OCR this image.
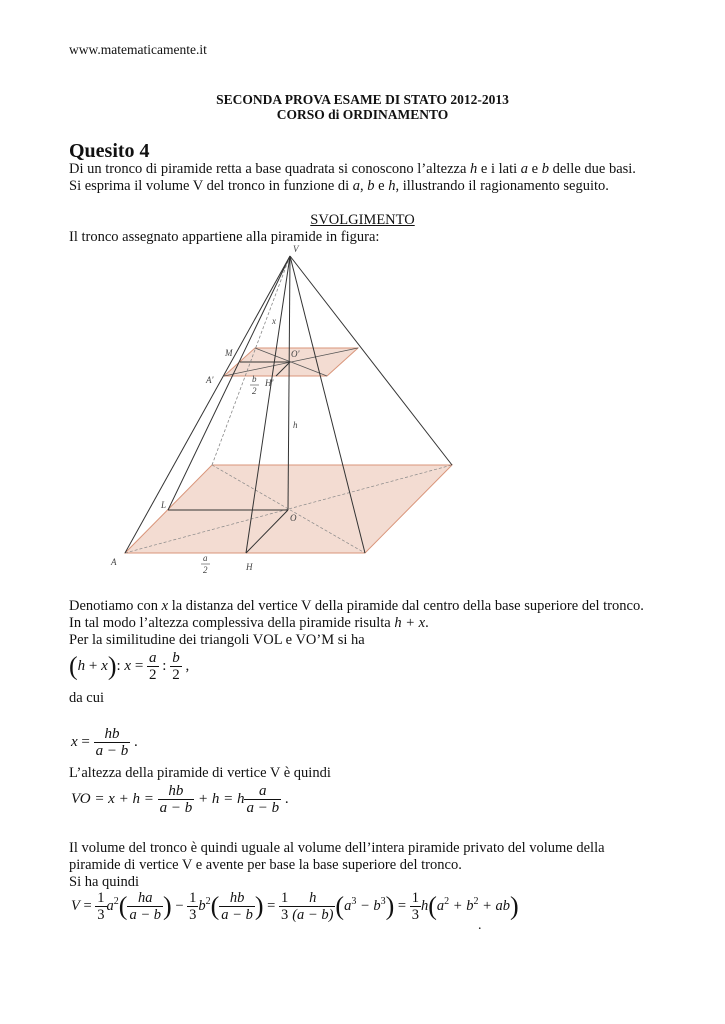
www.matematicamente.it
SECONDA PROVA ESAME DI STATO 2012-2013
CORSO di ORDINAMENTO
Quesito 4
Di un tronco di piramide retta a base quadrata si conoscono l’altezza h e i lati a e b delle due basi.
Si esprima il volume V del tronco in funzione di a, b e h, illustrando il ragionamento seguito.
SVOLGIMENTO
Il tronco assegnato appartiene alla piramide in figura:
V
x
M	O'
A'	b
2
H'
h
L
O
A	a
2	H
Denotiamo con x la distanza del vertice V della piramide dal centro della base superiore del tronco.
In tal modo l’altezza complessiva della piramide risulta h + x.
Per la similitudine dei triangoli VOL e VO’M si ha
(h + x): $x = \frac{a}{2}$ : $\frac{b}{2}$ ,
da cui
$x = \frac{hb}{a - b}$ .
L’altezza della piramide di vertice V è quindi
VO = $x + h = \frac{hb}{a - b} + h = h \frac{a}{a - b}$ .
Il volume del tronco è quindi uguale al volume dell’intera piramide privato del volume della
piramide di vertice V e avente per base la base superiore del tronco.
Si ha quindi
$V = \frac{1}{3} a^2( \frac{ha}{a - b}$ ) − $\frac{1}{3} b^2( \frac{hb}{a - b}$ ) = $\frac{1}{3} \frac{h}{(a - b)} (a^3 - b^3) = \frac{1}{3} h(a^2 + b^2 + ab)$
.
